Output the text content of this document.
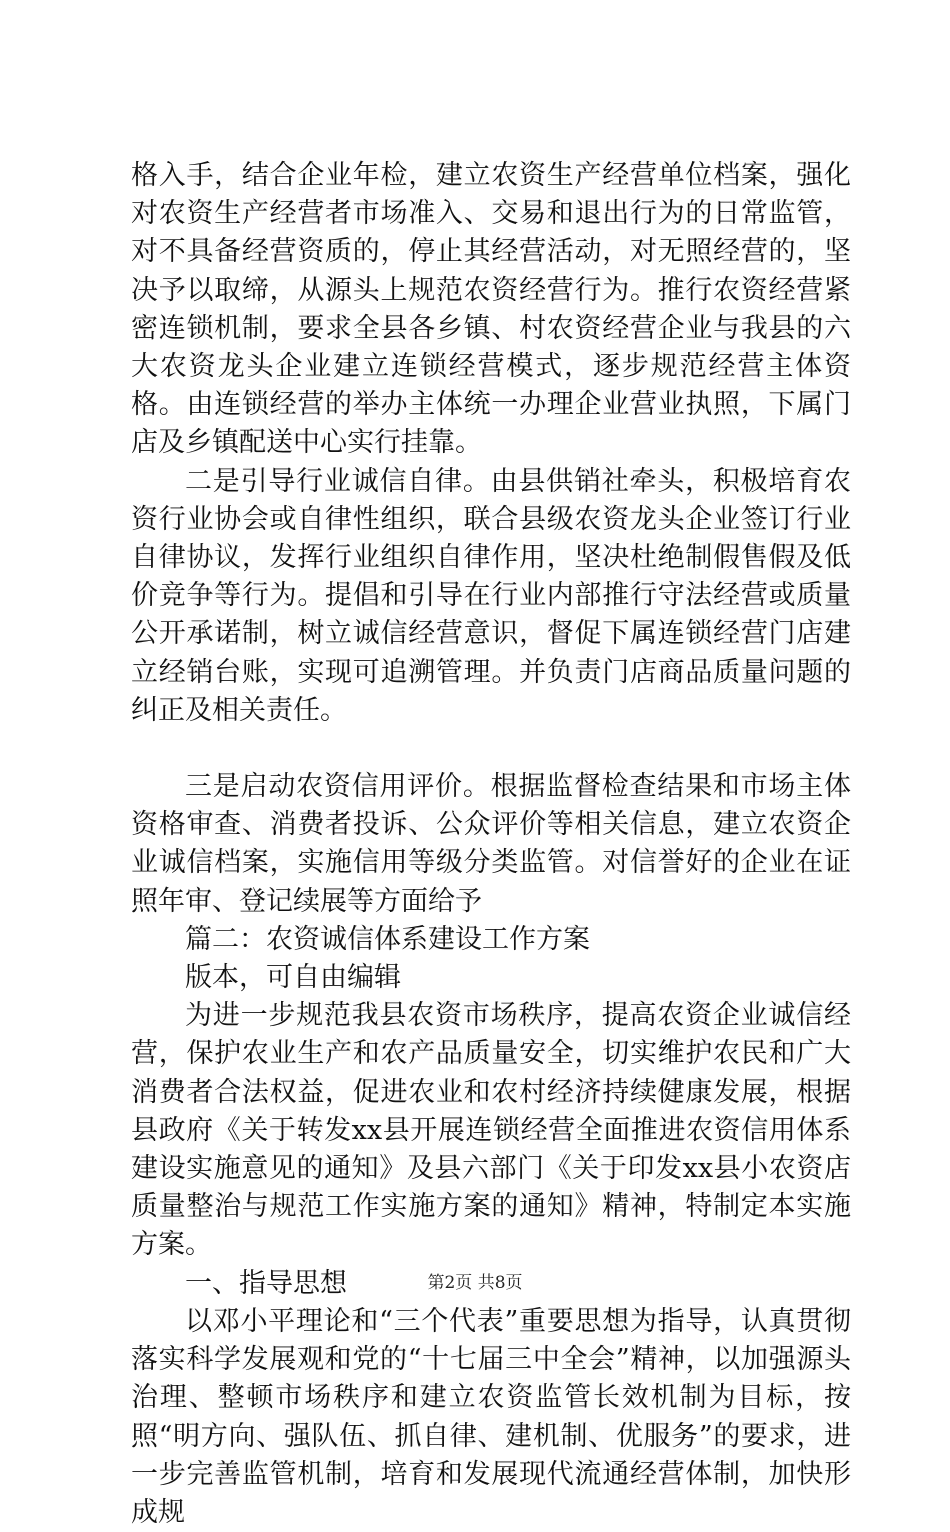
格入手，结合企业年检，建立农资生产经营单位档案，强化对农资生产经营者市场准入、交易和退出行为的日常监管，对不具备经营资质的，停止其经营活动，对无照经营的，坚决予以取缔，从源头上规范农资经营行为。推行农资经营紧密连锁机制，要求全县各乡镇、村农资经营企业与我县的六大农资龙头企业建立连锁经营模式，逐步规范经营主体资格。由连锁经营的举办主体统一办理企业营业执照，下属门店及乡镇配送中心实行挂靠。

二是引导行业诚信自律。由县供销社牵头，积极培育农资行业协会或自律性组织，联合县级农资龙头企业签订行业自律协议，发挥行业组织自律作用，坚决杜绝制假售假及低价竞争等行为。提倡和引导在行业内部推行守法经营或质量公开承诺制，树立诚信经营意识，督促下属连锁经营门店建立经销台账，实现可追溯管理。并负责门店商品质量问题的纠正及相关责任。

三是启动农资信用评价。根据监督检查结果和市场主体资格审查、消费者投诉、公众评价等相关信息，建立农资企业诚信档案，实施信用等级分类监管。对信誉好的企业在证照年审、登记续展等方面给予

篇二：农资诚信体系建设工作方案

版本，可自由编辑

为进一步规范我县农资市场秩序，提高农资企业诚信经营，保护农业生产和农产品质量安全，切实维护农民和广大消费者合法权益，促进农业和农村经济持续健康发展，根据县政府《关于转发xx县开展连锁经营全面推进农资信用体系建设实施意见的通知》及县六部门《关于印发xx县小农资店质量整治与规范工作实施方案的通知》精神，特制定本实施方案。

一、指导思想

以邓小平理论和“三个代表”重要思想为指导，认真贯彻落实科学发展观和党的“十七届三中全会”精神，以加强源头治理、整顿市场秩序和建立农资监管长效机制为目标，按照“明方向、强队伍、抓自律、建机制、优服务”的要求，进一步完善监管机制，培育和发展现代流通经营体制，加快形成规

第2页 共8页
